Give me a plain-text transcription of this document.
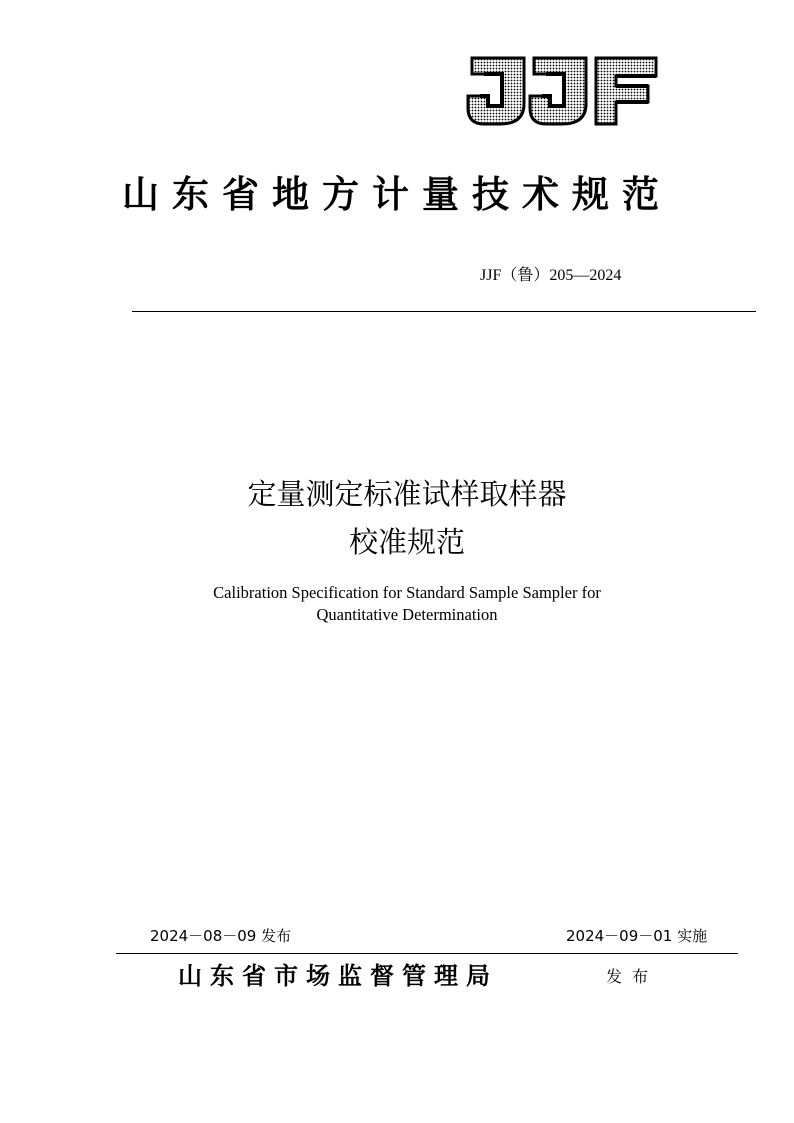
山东省地方计量技术规范
JJF（鲁）205—2024
定量测定标准试样取样器
校准规范
Calibration Specification for Standard Sample Sampler for
Quantitative Determination
2024－08－09 发布	2024－09－01 实施
山东省市场监督管理局	发布
